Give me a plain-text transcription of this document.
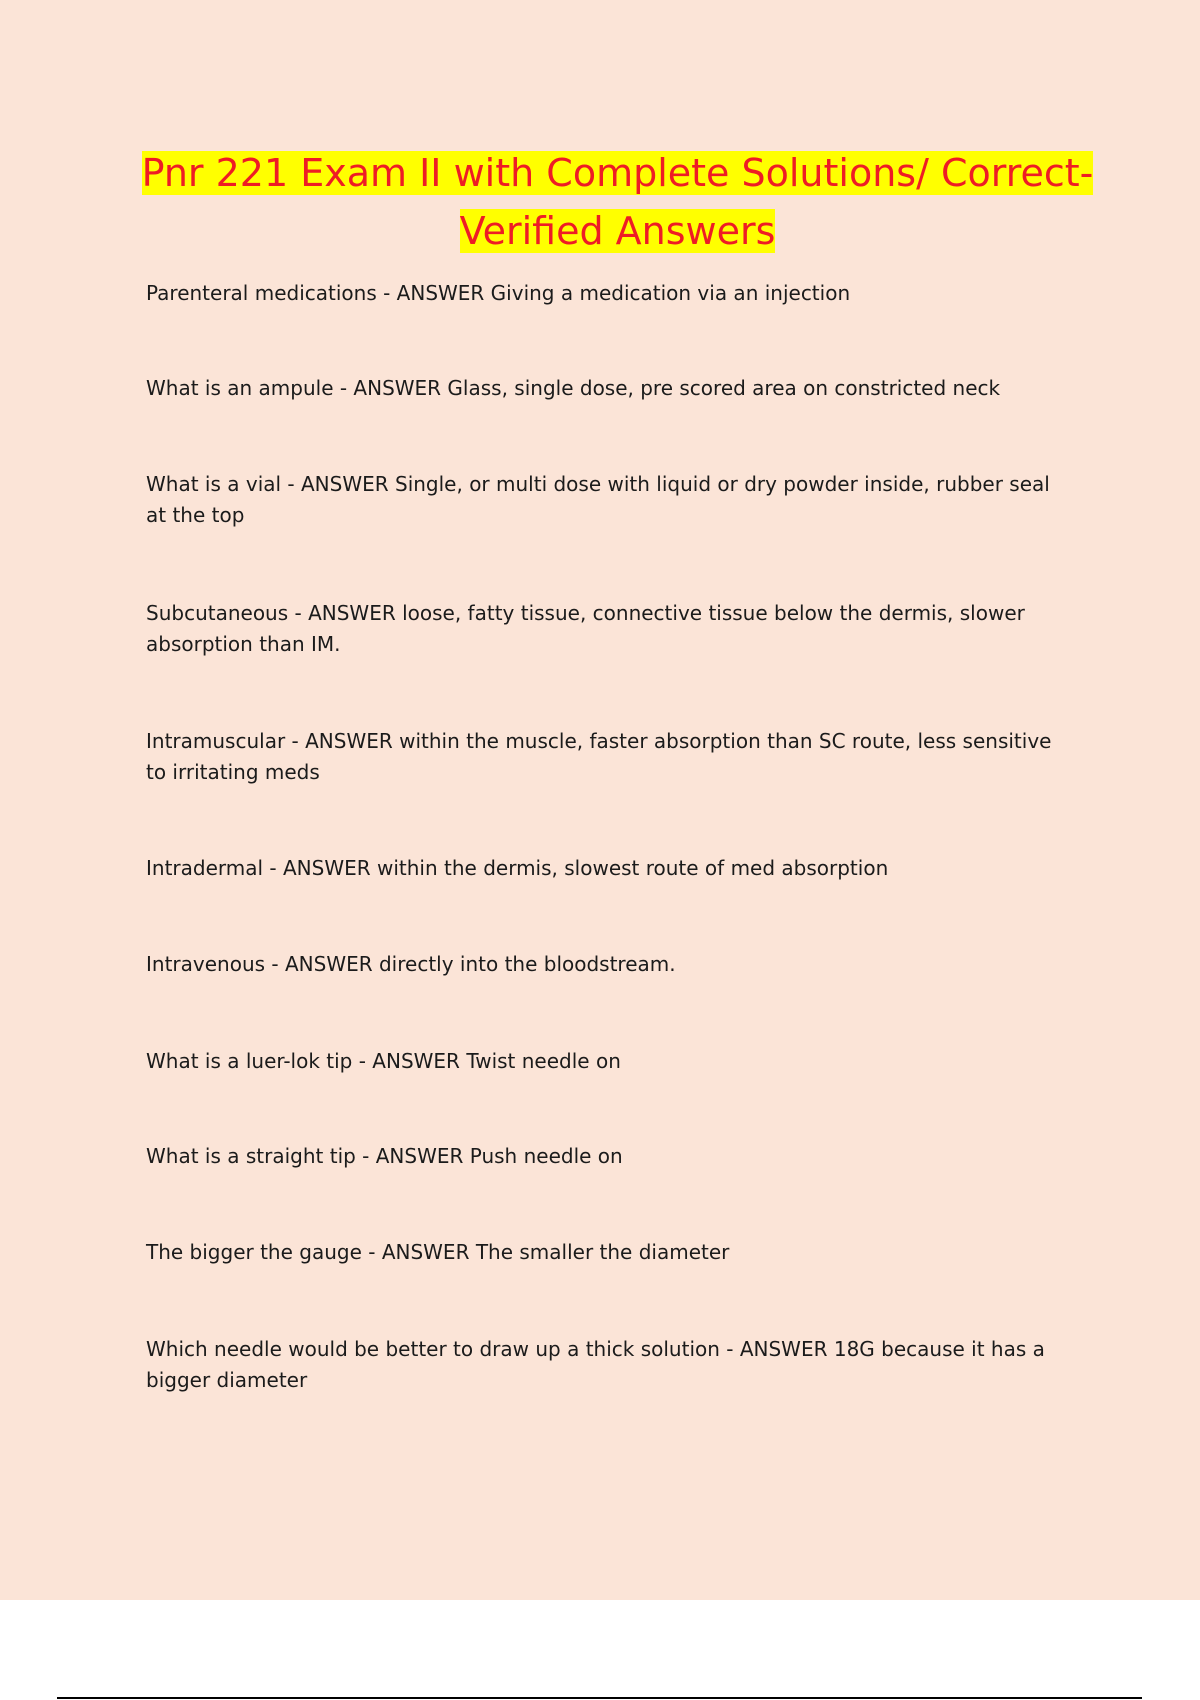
Pnr 221 Exam II with Complete Solutions/ Correct-
Verified Answers

Parenteral medications - ANSWER Giving a medication via an injection

What is an ampule - ANSWER Glass, single dose, pre scored area on constricted neck

What is a vial - ANSWER Single, or multi dose with liquid or dry powder inside, rubber seal at the top

Subcutaneous - ANSWER loose, fatty tissue, connective tissue below the dermis, slower absorption than IM.

Intramuscular - ANSWER within the muscle, faster absorption than SC route, less sensitive to irritating meds

Intradermal - ANSWER within the dermis, slowest route of med absorption

Intravenous - ANSWER directly into the bloodstream.

What is a luer-lok tip - ANSWER Twist needle on

What is a straight tip - ANSWER Push needle on

The bigger the gauge - ANSWER The smaller the diameter

Which needle would be better to draw up a thick solution - ANSWER 18G because it has a bigger diameter
